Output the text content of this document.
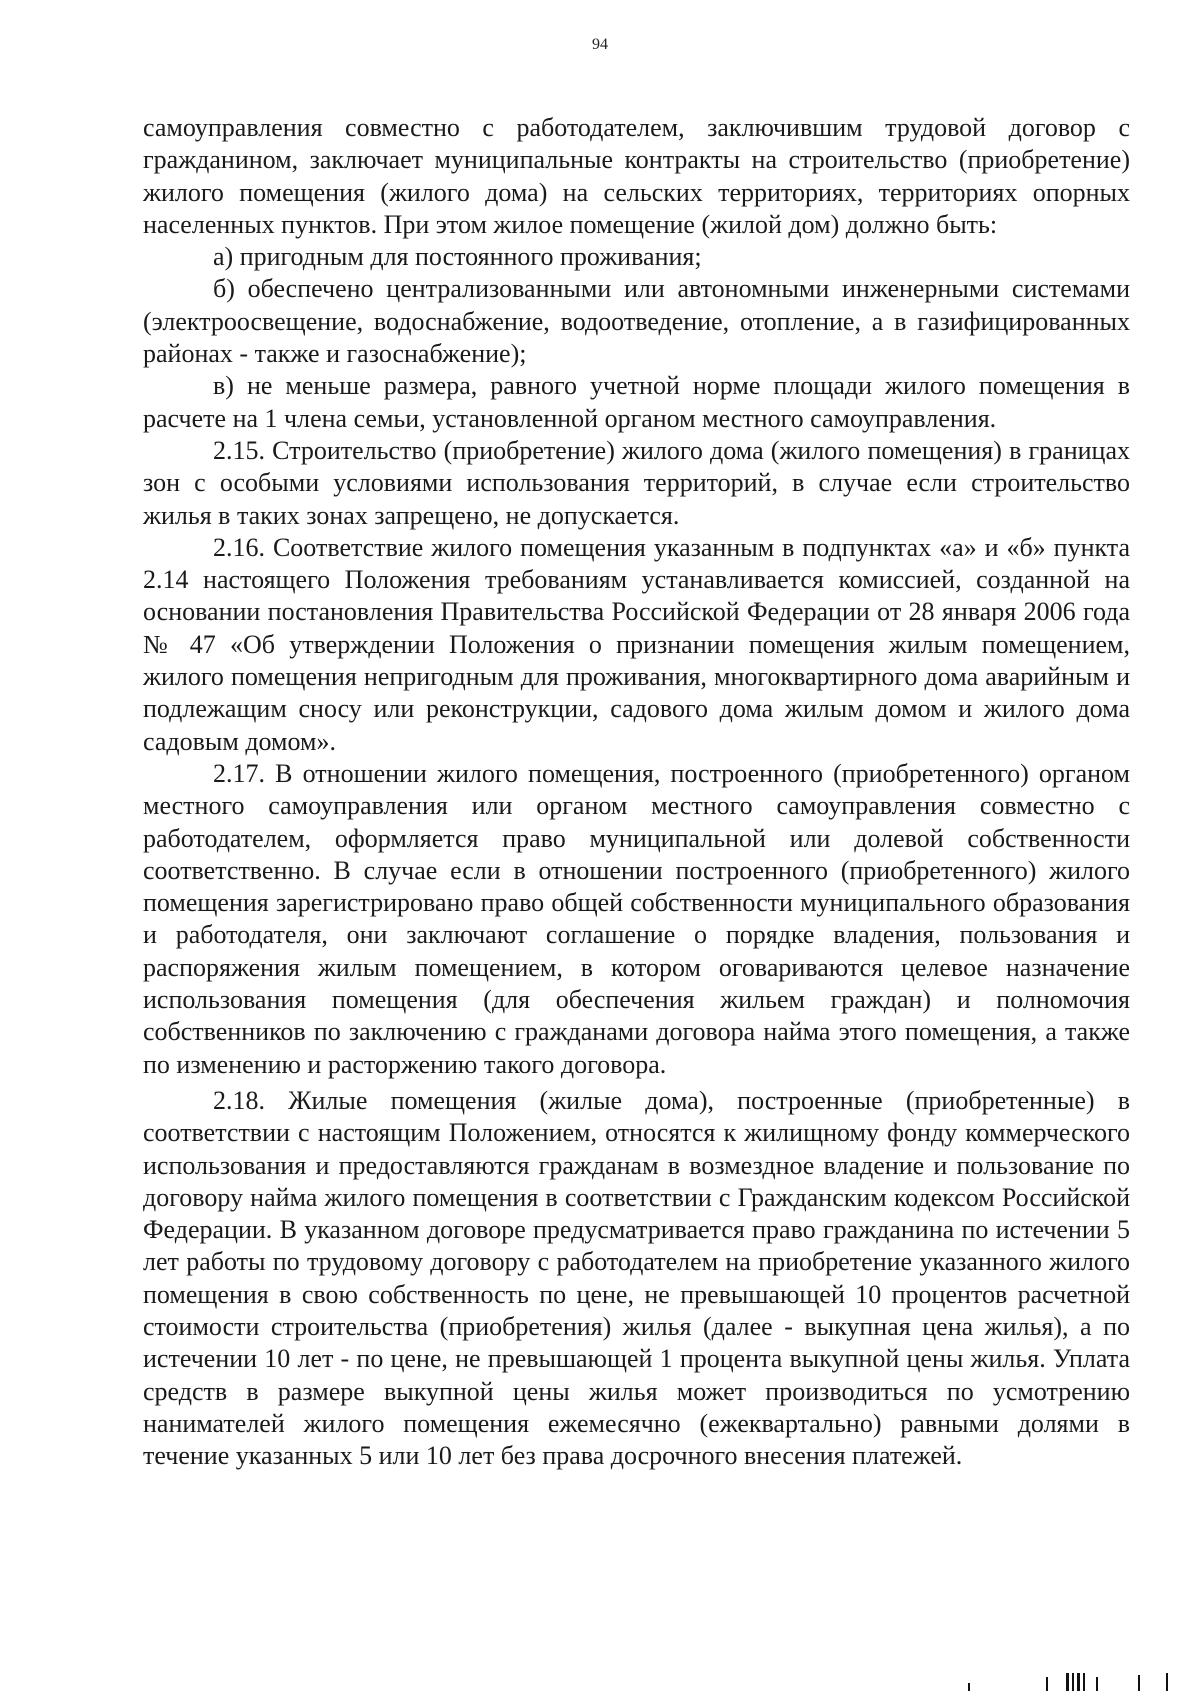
94

самоуправления совместно с работодателем, заключившим трудовой договор с гражданином, заключает муниципальные контракты на строительство (приобретение) жилого помещения (жилого дома) на сельских территориях, территориях опорных населенных пунктов. При этом жилое помещение (жилой дом) должно быть:

а) пригодным для постоянного проживания;

б) обеспечено централизованными или автономными инженерными системами (электроосвещение, водоснабжение, водоотведение, отопление, а в газифицированных районах - также и газоснабжение);

в) не меньше размера, равного учетной норме площади жилого помещения в расчете на 1 члена семьи, установленной органом местного самоуправления.

2.15. Строительство (приобретение) жилого дома (жилого помещения) в границах зон с особыми условиями использования территорий, в случае если строительство жилья в таких зонах запрещено, не допускается.

2.16. Соответствие жилого помещения указанным в подпунктах «а» и «б» пункта 2.14 настоящего Положения требованиям устанавливается комиссией, созданной на основании постановления Правительства Российской Федерации от 28 января 2006 года № 47 «Об утверждении Положения о признании помещения жилым помещением, жилого помещения непригодным для проживания, многоквартирного дома аварийным и подлежащим сносу или реконструкции, садового дома жилым домом и жилого дома садовым домом».

2.17. В отношении жилого помещения, построенного (приобретенного) органом местного самоуправления или органом местного самоуправления совместно с работодателем, оформляется право муниципальной или долевой собственности соответственно. В случае если в отношении построенного (приобретенного) жилого помещения зарегистрировано право общей собственности муниципального образования и работодателя, они заключают соглашение о порядке владения, пользования и распоряжения жилым помещением, в котором оговариваются целевое назначение использования помещения (для обеспечения жильем граждан) и полномочия собственников по заключению с гражданами договора найма этого помещения, а также по изменению и расторжению такого договора.

2.18. Жилые помещения (жилые дома), построенные (приобретенные) в соответствии с настоящим Положением, относятся к жилищному фонду коммерческого использования и предоставляются гражданам в возмездное владение и пользование по договору найма жилого помещения в соответствии с Гражданским кодексом Российской Федерации. В указанном договоре предусматривается право гражданина по истечении 5 лет работы по трудовому договору с работодателем на приобретение указанного жилого помещения в свою собственность по цене, не превышающей 10 процентов расчетной стоимости строительства (приобретения) жилья (далее - выкупная цена жилья), а по истечении 10 лет - по цене, не превышающей 1 процента выкупной цены жилья. Уплата средств в размере выкупной цены жилья может производиться по усмотрению нанимателей жилого помещения ежемесячно (ежеквартально) равными долями в течение указанных 5 или 10 лет без права досрочного внесения платежей.
